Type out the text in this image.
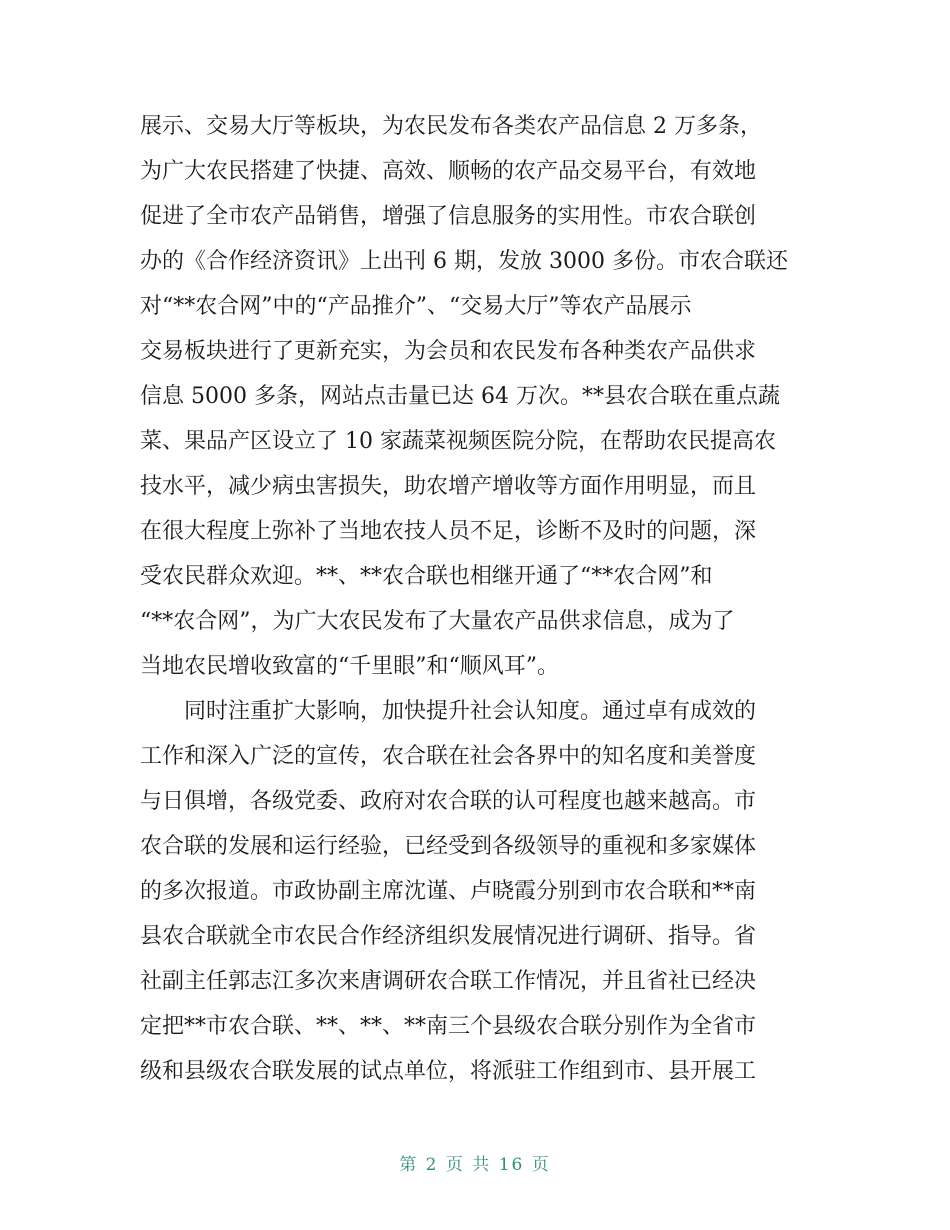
展示、交易大厅等板块，为农民发布各类农产品信息 2 万多条，
为广大农民搭建了快捷、高效、顺畅的农产品交易平台，有效地
促进了全市农产品销售，增强了信息服务的实用性。市农合联创
办的《合作经济资讯》上出刊 6 期，发放 3000 多份。市农合联还
对“**农合网”中的“产品推介”、“交易大厅”等农产品展示
交易板块进行了更新充实，为会员和农民发布各种类农产品供求
信息 5000 多条，网站点击量已达 64 万次。**县农合联在重点蔬
菜、果品产区设立了 10 家蔬菜视频医院分院，在帮助农民提高农
技水平，减少病虫害损失，助农增产增收等方面作用明显，而且
在很大程度上弥补了当地农技人员不足，诊断不及时的问题，深
受农民群众欢迎。**、**农合联也相继开通了“**农合网”和
“**农合网”，为广大农民发布了大量农产品供求信息，成为了
当地农民增收致富的“千里眼”和“顺风耳”。
同时注重扩大影响，加快提升社会认知度。通过卓有成效的
工作和深入广泛的宣传，农合联在社会各界中的知名度和美誉度
与日俱增，各级党委、政府对农合联的认可程度也越来越高。市
农合联的发展和运行经验，已经受到各级领导的重视和多家媒体
的多次报道。市政协副主席沈谨、卢晓霞分别到市农合联和**南
县农合联就全市农民合作经济组织发展情况进行调研、指导。省
社副主任郭志江多次来唐调研农合联工作情况，并且省社已经决
定把**市农合联、**、**、**南三个县级农合联分别作为全省市
级和县级农合联发展的试点单位，将派驻工作组到市、县开展工
第 2 页 共 16 页
